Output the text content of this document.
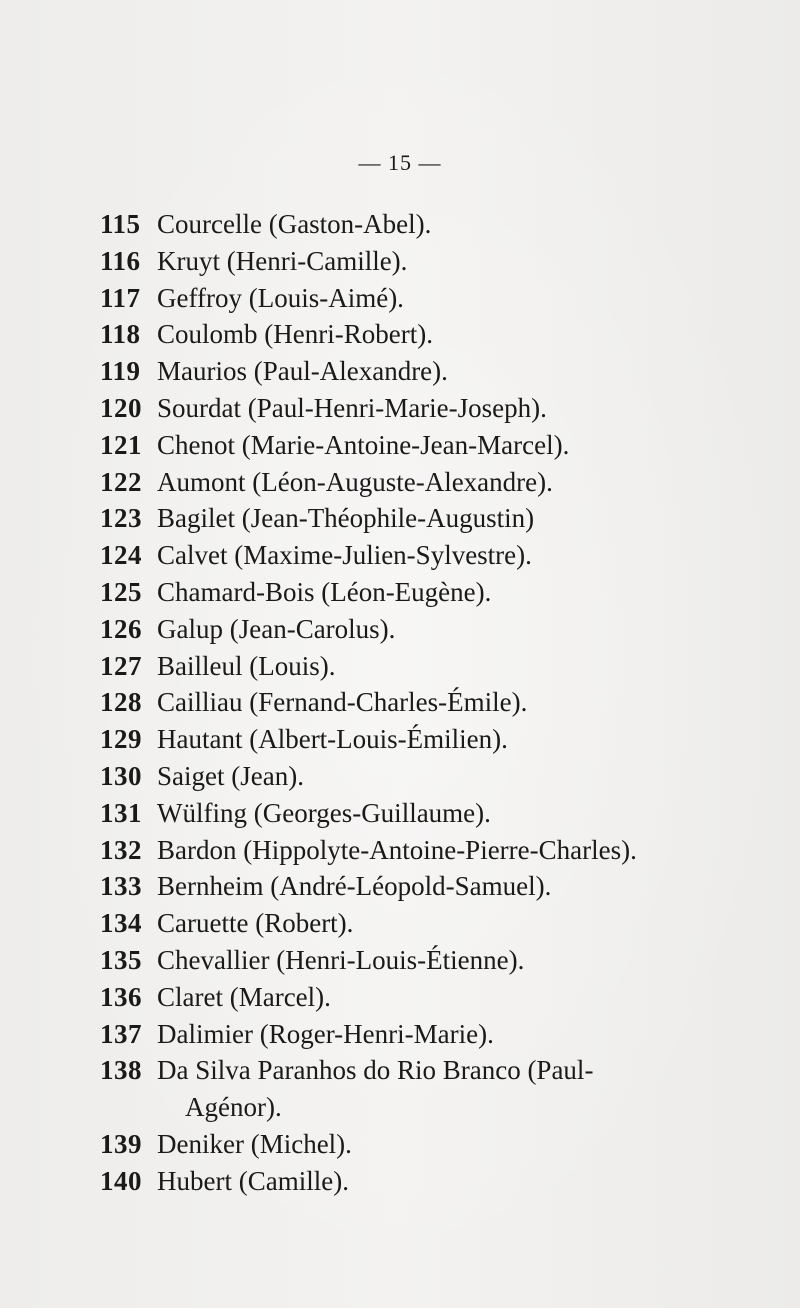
— 15 —
115 Courcelle (Gaston-Abel).
116 Kruyt (Henri-Camille).
117 Geffroy (Louis-Aimé).
118 Coulomb (Henri-Robert).
119 Maurios (Paul-Alexandre).
120 Sourdat (Paul-Henri-Marie-Joseph).
121 Chenot (Marie-Antoine-Jean-Marcel).
122 Aumont (Léon-Auguste-Alexandre).
123 Bagilet (Jean-Théophile-Augustin)
124 Calvet (Maxime-Julien-Sylvestre).
125 Chamard-Bois (Léon-Eugène).
126 Galup (Jean-Carolus).
127 Bailleul (Louis).
128 Cailliau (Fernand-Charles-Émile).
129 Hautant (Albert-Louis-Émilien).
130 Saiget (Jean).
131 Wülfing (Georges-Guillaume).
132 Bardon (Hippolyte-Antoine-Pierre-Charles).
133 Bernheim (André-Léopold-Samuel).
134 Caruette (Robert).
135 Chevallier (Henri-Louis-Étienne).
136 Claret (Marcel).
137 Dalimier (Roger-Henri-Marie).
138 Da Silva Paranhos do Rio Branco (Paul-
Agénor).
139 Deniker (Michel).
140 Hubert (Camille).
